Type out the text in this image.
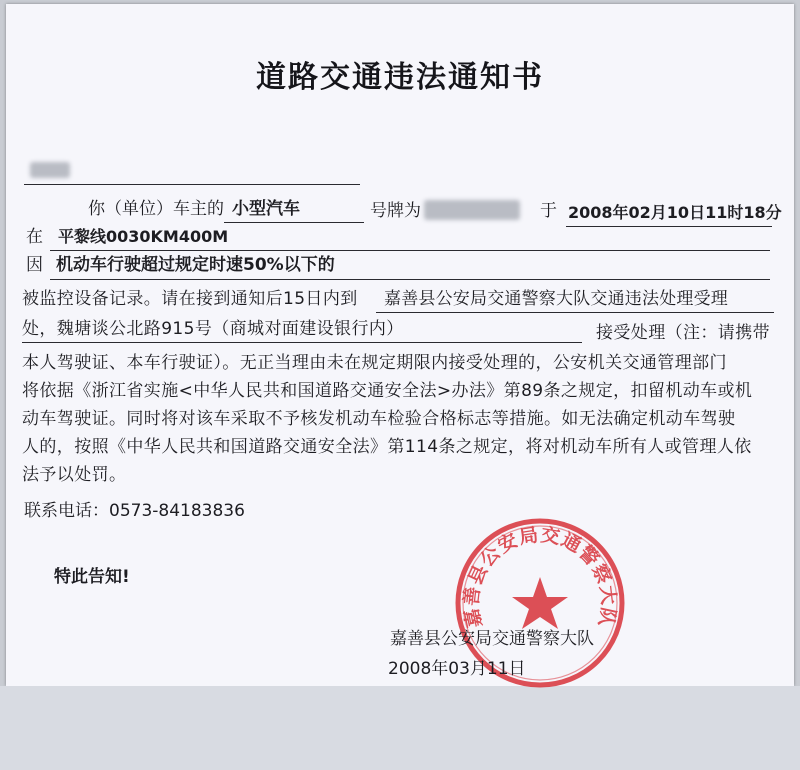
道路交通违法通知书
你（单位）车主的 小型汽车	号牌为	于 2008年02月10日11时18分
在 平黎线0030KM400M
因 机动车行驶超过规定时速50%以下的
被监控设备记录。请在接到通知后15日内到 嘉善县公安局交通警察大队交通违法处理受理
处，魏塘谈公北路915号（商城对面建设银行内）	接受处理（注：请携带

本人驾驶证、本车行驶证）。无正当理由未在规定期限内接受处理的，公安机关交通管理部门

将依据《浙江省实施<中华人民共和国道路交通安全法>办法》第89条之规定，扣留机动车或机

动车驾驶证。同时将对该车采取不予核发机动车检验合格标志等措施。如无法确定机动车驾驶

人的，按照《中华人民共和国道路交通安全法》第114条之规定，将对机动车所有人或管理人依

法予以处罚。

联系电话：0573-84183836
特此告知!
嘉善县公安局交通警察大队
嘉善县公安局交通警察大队
2008年03月11日
